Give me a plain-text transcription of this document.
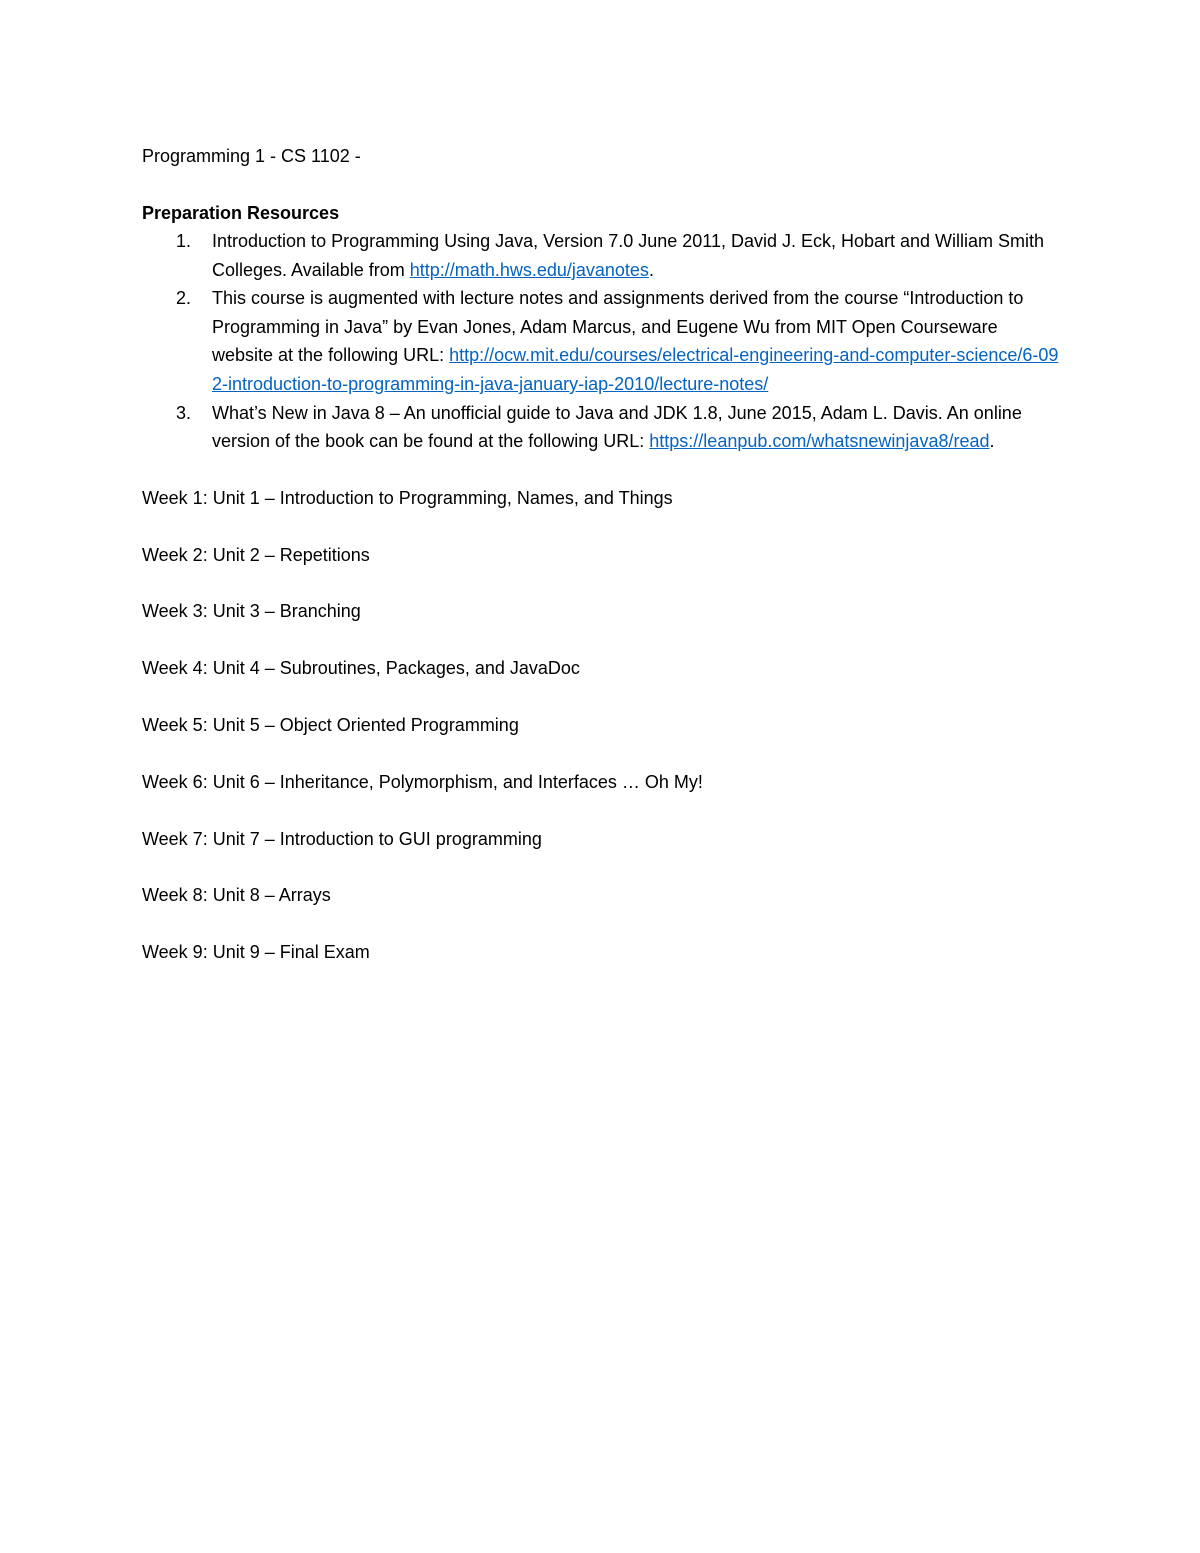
Programming 1 - CS 1102 -

Preparation Resources

1. Introduction to Programming Using Java, Version 7.0 June 2011, David J. Eck, Hobart and William Smith Colleges. Available from http://math.hws.edu/javanotes.
2. This course is augmented with lecture notes and assignments derived from the course “Introduction to Programming in Java” by Evan Jones, Adam Marcus, and Eugene Wu from MIT Open Courseware website at the following URL: http://ocw.mit.edu/courses/electrical-engineering-and-computer-science/6-092-introduction-to-programming-in-java-january-iap-2010/lecture-notes/
3. What’s New in Java 8 – An unofficial guide to Java and JDK 1.8, June 2015, Adam L. Davis. An online version of the book can be found at the following URL: https://leanpub.com/whatsnewinjava8/read.

Week 1: Unit 1 – Introduction to Programming, Names, and Things

Week 2: Unit 2 – Repetitions

Week 3: Unit 3 – Branching

Week 4: Unit 4 – Subroutines, Packages, and JavaDoc

Week 5: Unit 5 – Object Oriented Programming

Week 6: Unit 6 – Inheritance, Polymorphism, and Interfaces … Oh My!

Week 7: Unit 7 – Introduction to GUI programming

Week 8: Unit 8 – Arrays

Week 9: Unit 9 – Final Exam
